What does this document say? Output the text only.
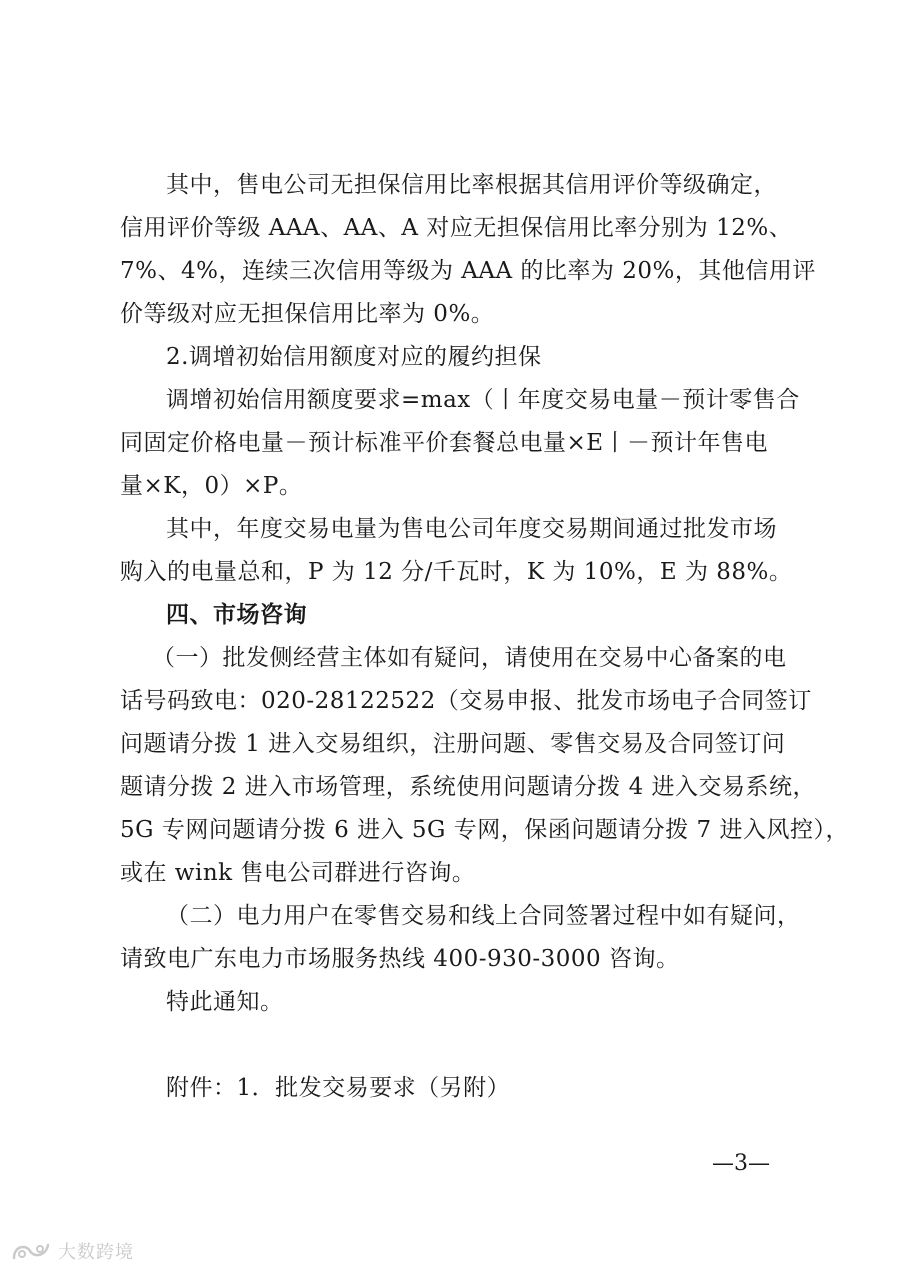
其中，售电公司无担保信用比率根据其信用评价等级确定，
信用评价等级 AAA、AA、A 对应无担保信用比率分别为 12%、
7%、4%，连续三次信用等级为 AAA 的比率为 20%，其他信用评
价等级对应无担保信用比率为 0%。
2.调增初始信用额度对应的履约担保
调增初始信用额度要求=max（丨年度交易电量－预计零售合
同固定价格电量－预计标准平价套餐总电量×E丨－预计年售电
量×K，0）×P。
其中，年度交易电量为售电公司年度交易期间通过批发市场
购入的电量总和，P 为 12 分/千瓦时，K 为 10%，E 为 88%。
四、市场咨询
（一）批发侧经营主体如有疑问，请使用在交易中心备案的电
话号码致电：020-28122522（交易申报、批发市场电子合同签订
问题请分拨 1 进入交易组织，注册问题、零售交易及合同签订问
题请分拨 2 进入市场管理，系统使用问题请分拨 4 进入交易系统，
5G 专网问题请分拨 6 进入 5G 专网，保函问题请分拨 7 进入风控），
或在 wink 售电公司群进行咨询。
（二）电力用户在零售交易和线上合同签署过程中如有疑问，
请致电广东电力市场服务热线 400-930-3000 咨询。
特此通知。
附件：1．批发交易要求（另附）
—3—
大数跨境
